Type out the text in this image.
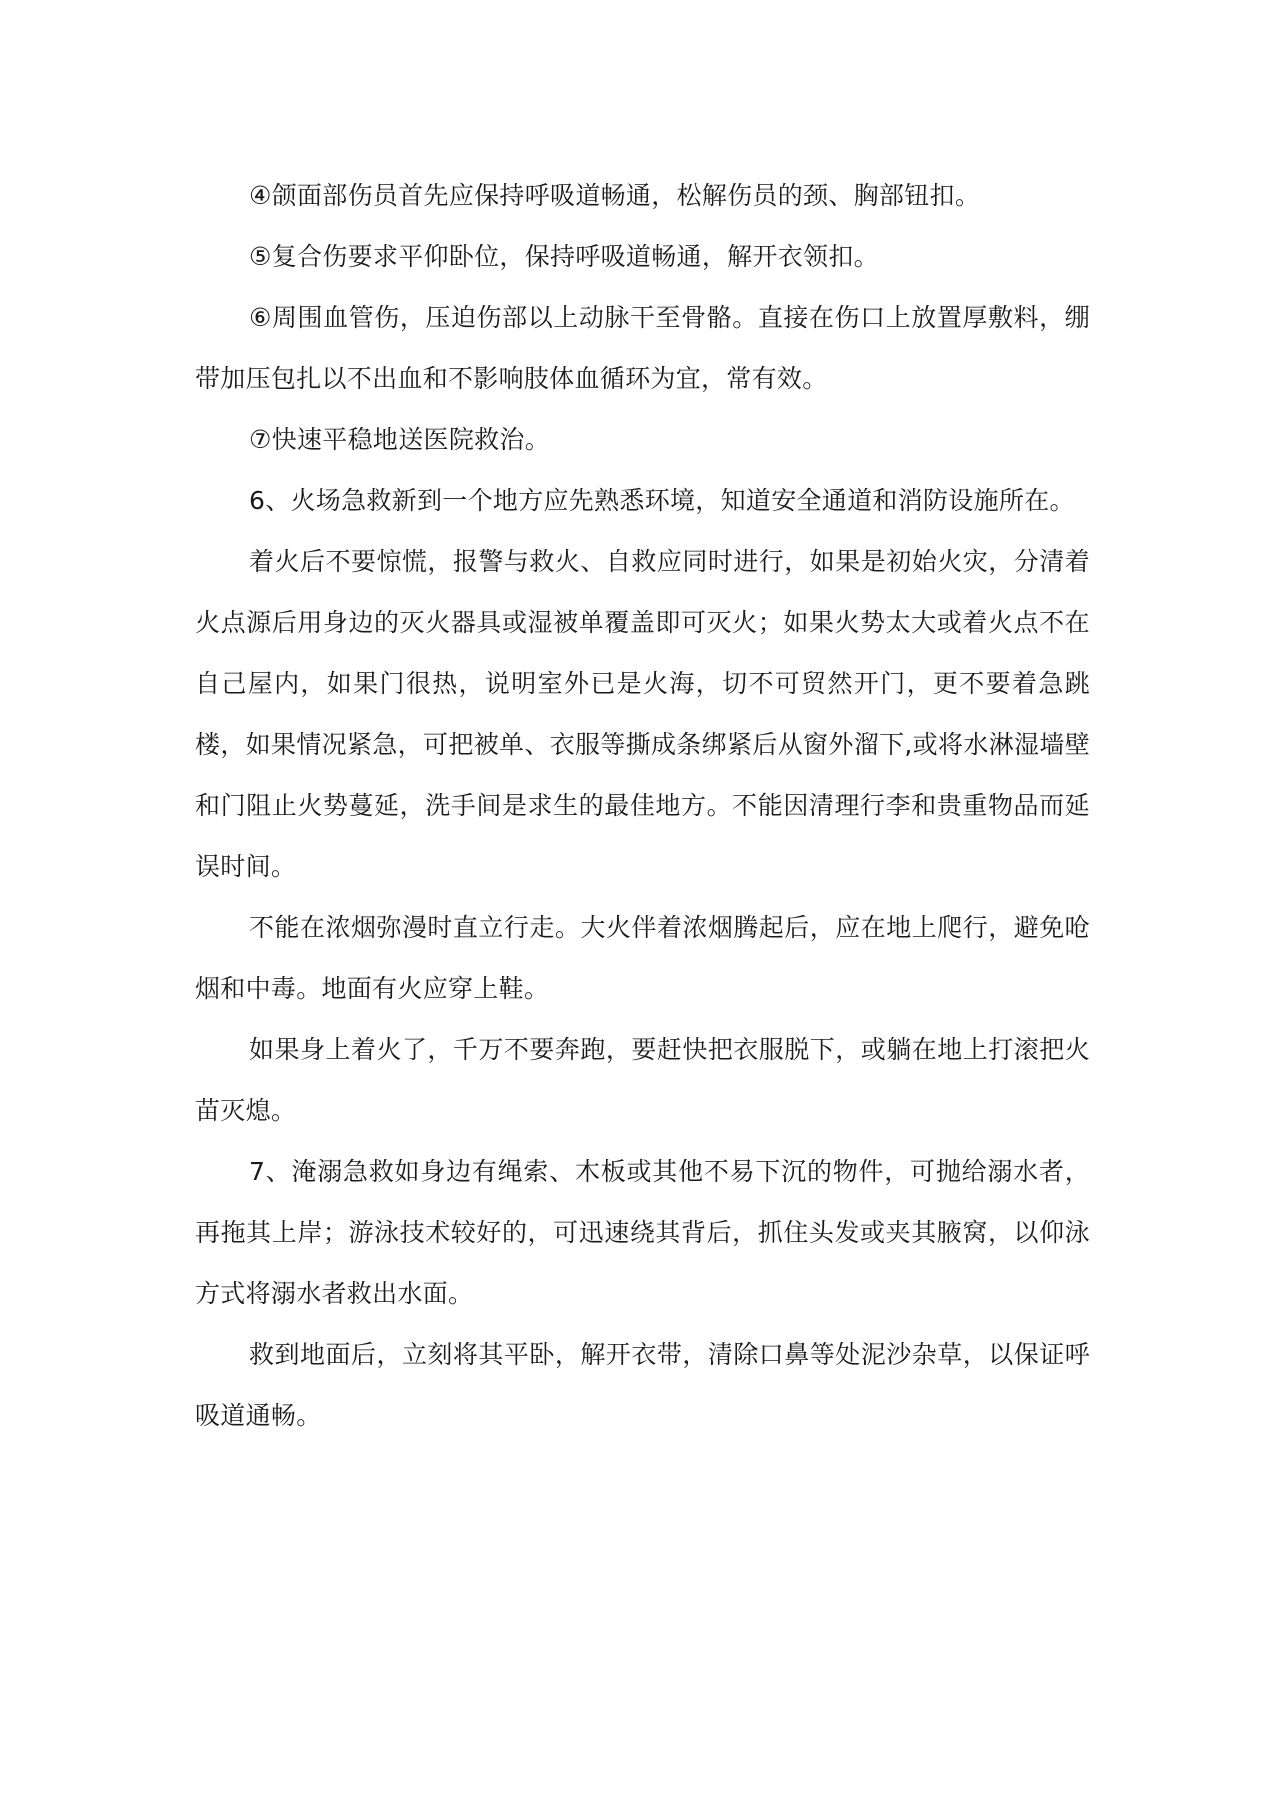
④颌面部伤员首先应保持呼吸道畅通，松解伤员的颈、胸部钮扣。

⑤复合伤要求平仰卧位，保持呼吸道畅通，解开衣领扣。

⑥周围血管伤，压迫伤部以上动脉干至骨骼。直接在伤口上放置厚敷料，绷带加压包扎以不出血和不影响肢体血循环为宜，常有效。

⑦快速平稳地送医院救治。

6、火场急救新到一个地方应先熟悉环境，知道安全通道和消防设施所在。

着火后不要惊慌，报警与救火、自救应同时进行，如果是初始火灾，分清着火点源后用身边的灭火器具或湿被单覆盖即可灭火；如果火势太大或着火点不在自己屋内，如果门很热，说明室外已是火海，切不可贸然开门，更不要着急跳楼，如果情况紧急，可把被单、衣服等撕成条绑紧后从窗外溜下,或将水淋湿墙壁和门阻止火势蔓延，洗手间是求生的最佳地方。不能因清理行李和贵重物品而延误时间。

不能在浓烟弥漫时直立行走。大火伴着浓烟腾起后，应在地上爬行，避免呛烟和中毒。地面有火应穿上鞋。

如果身上着火了，千万不要奔跑，要赶快把衣服脱下，或躺在地上打滚把火苗灭熄。

7、淹溺急救如身边有绳索、木板或其他不易下沉的物件，可抛给溺水者，再拖其上岸；游泳技术较好的，可迅速绕其背后，抓住头发或夹其腋窝，以仰泳方式将溺水者救出水面。

救到地面后，立刻将其平卧，解开衣带，清除口鼻等处泥沙杂草，以保证呼吸道通畅。
